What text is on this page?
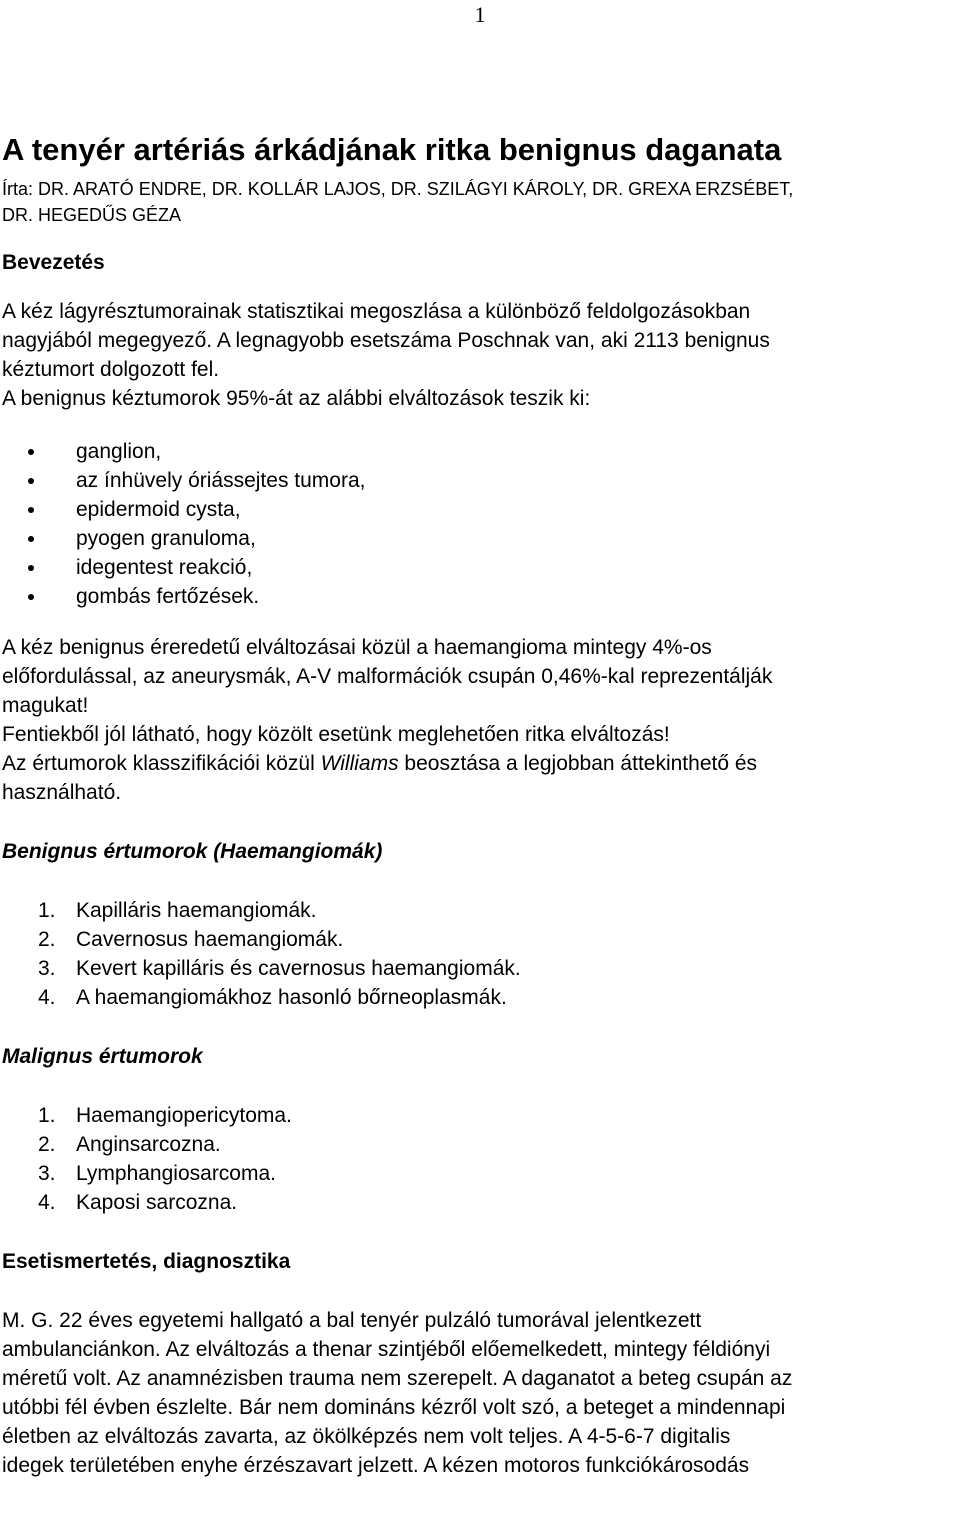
1
A tenyér artériás árkádjának ritka benignus daganata
Írta: DR. ARATÓ ENDRE, DR. KOLLÁR LAJOS, DR. SZILÁGYI KÁROLY, DR. GREXA ERZSÉBET,
DR. HEGEDŰS GÉZA
Bevezetés

A kéz lágyrésztumorainak statisztikai megoszlása a különböző feldolgozásokban
nagyjából megegyező. A legnagyobb esetszáma Poschnak van, aki 2113 benignus
kéztumort dolgozott fel.
A benignus kéztumorok 95%-át az alábbi elváltozások teszik ki:

ganglion,
az ínhüvely óriássejtes tumora,
epidermoid cysta,
pyogen granuloma,
idegentest reakció,
gombás fertőzések.

A kéz benignus éreredetű elváltozásai közül a haemangioma mintegy 4%-os
előfordulással, az aneurysmák, A-V malformációk csupán 0,46%-kal reprezentálják
magukat!
Fentiekből jól látható, hogy közölt esetünk meglehetően ritka elváltozás!
Az értumorok klasszifikációi közül Williams beosztása a legjobban áttekinthető és
használható.

Benignus értumorok (Haemangiomák)
1. Kapilláris haemangiomák.
2. Cavernosus haemangiomák.
3. Kevert kapilláris és cavernosus haemangiomák.
4. A haemangiomákhoz hasonló bőrneoplasmák.
Malignus értumorok
1. Haemangiopericytoma.
2. Anginsarcozna.
3. Lymphangiosarcoma.
4. Kaposi sarcozna.
Esetismertetés, diagnosztika

M. G. 22 éves egyetemi hallgató a bal tenyér pulzáló tumorával jelentkezett
ambulanciánkon. Az elváltozás a thenar szintjéből előemelkedett, mintegy féldiónyi
méretű volt. Az anamnézisben trauma nem szerepelt. A daganatot a beteg csupán az
utóbbi fél évben észlelte. Bár nem domináns kézről volt szó, a beteget a mindennapi
életben az elváltozás zavarta, az ökölképzés nem volt teljes. A 4-5-6-7 digitalis
idegek területében enyhe érzészavart jelzett. A kézen motoros funkciókárosodás
